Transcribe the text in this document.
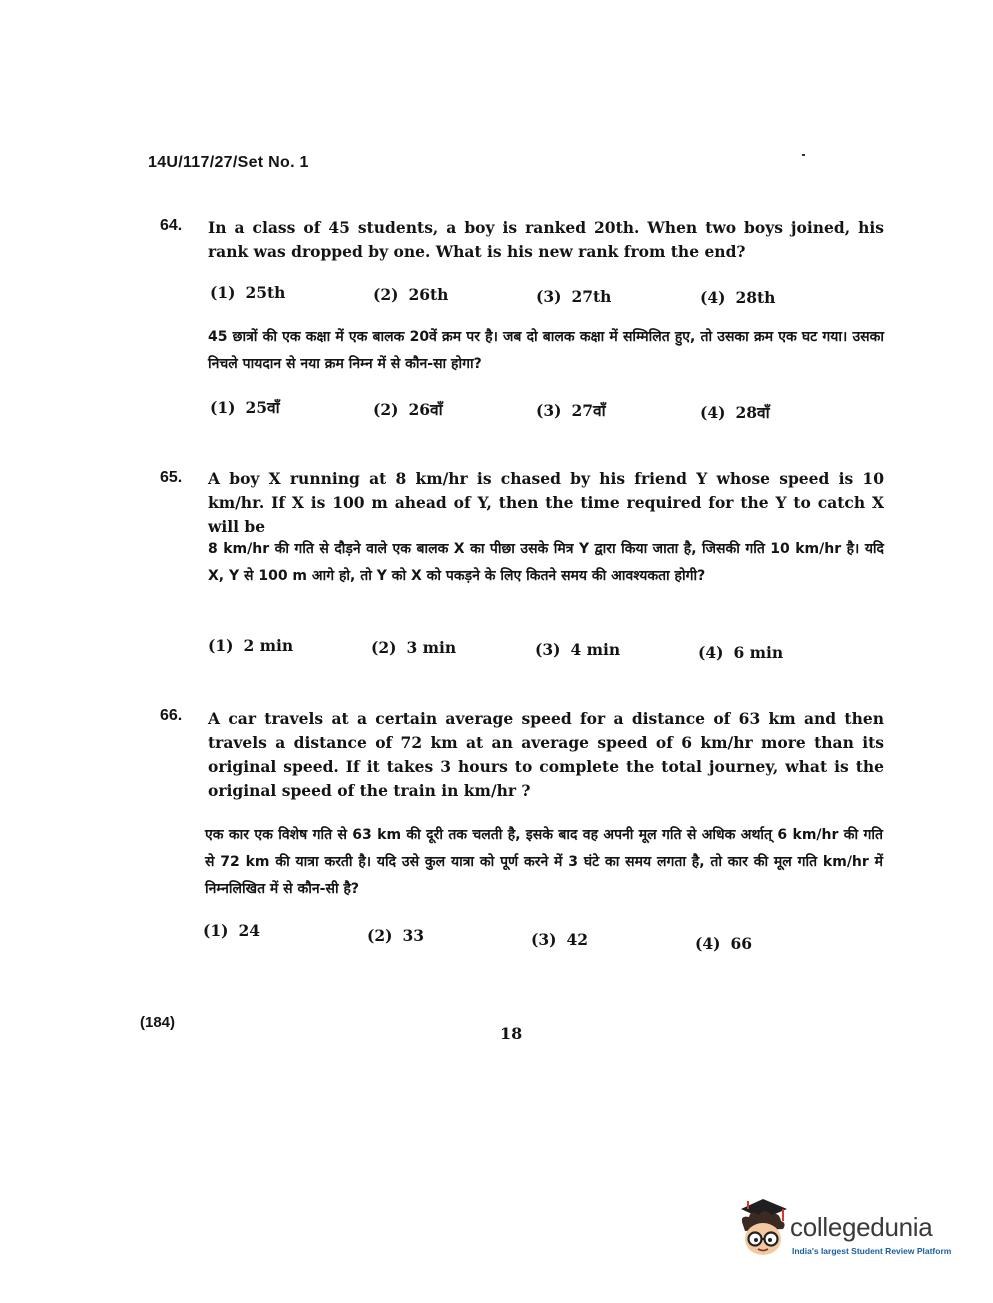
14U/117/27/Set No. 1
64. In a class of 45 students, a boy is ranked 20th. When two boys joined, his rank was dropped by one. What is his new rank from the end?
(1) 25th	(2) 26th	(3) 27th	(4) 28th
45 छात्रों की एक कक्षा में एक बालक 20वें क्रम पर है। जब दो बालक कक्षा में सम्मिलित हुए, तो उसका क्रम एक घट गया। उसका निचले पायदान से नया क्रम निम्न में से कौन-सा होगा?
(1) 25वाँ	(2) 26वाँ	(3) 27वाँ	(4) 28वाँ
65. A boy X running at 8 km/hr is chased by his friend Y whose speed is 10 km/hr. If X is 100 m ahead of Y, then the time required for the Y to catch X will be
8 km/hr की गति से दौड़ने वाले एक बालक X का पीछा उसके मित्र Y द्वारा किया जाता है, जिसकी गति 10 km/hr है। यदि X, Y से 100 m आगे हो, तो Y को X को पकड़ने के लिए कितने समय की आवश्यकता होगी?
(1) 2 min	(2) 3 min	(3) 4 min	(4) 6 min
66. A car travels at a certain average speed for a distance of 63 km and then travels a distance of 72 km at an average speed of 6 km/hr more than its original speed. If it takes 3 hours to complete the total journey, what is the original speed of the train in km/hr ?
एक कार एक विशेष गति से 63 km की दूरी तक चलती है, इसके बाद वह अपनी मूल गति से अधिक अर्थात् 6 km/hr की गति से 72 km की यात्रा करती है। यदि उसे कुल यात्रा को पूर्ण करने में 3 घंटे का समय लगता है, तो कार की मूल गति km/hr में निम्नलिखित में से कौन-सी है?
(1) 24	(2) 33	(3) 42	(4) 66
(184)
18
collegedunia
India's largest Student Review Platform
